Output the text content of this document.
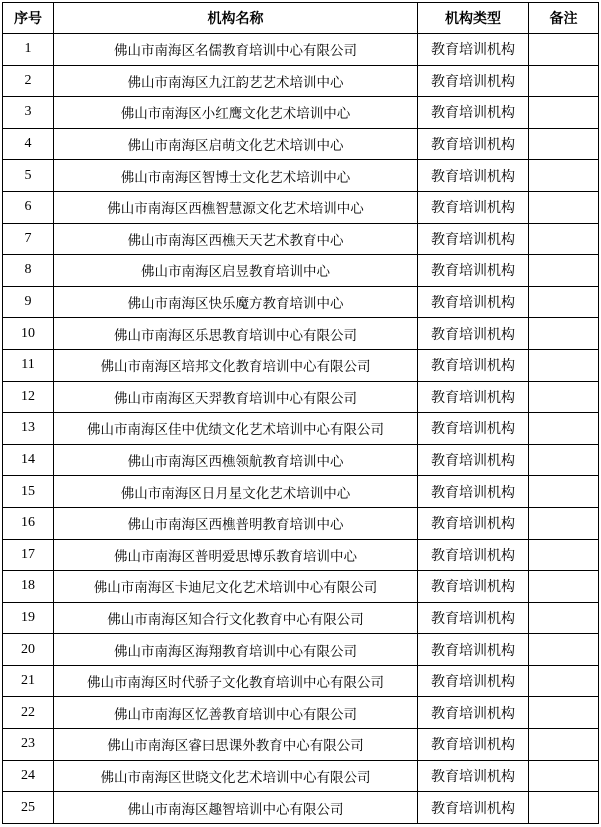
序号	机构名称	机构类型	备注
1	佛山市南海区名儒教育培训中心有限公司	教育培训机构	
2	佛山市南海区九江韵艺艺术培训中心	教育培训机构	
3	佛山市南海区小红鹰文化艺术培训中心	教育培训机构	
4	佛山市南海区启萌文化艺术培训中心	教育培训机构	
5	佛山市南海区智博士文化艺术培训中心	教育培训机构	
6	佛山市南海区西樵智慧源文化艺术培训中心	教育培训机构	
7	佛山市南海区西樵天天艺术教育中心	教育培训机构	
8	佛山市南海区启昱教育培训中心	教育培训机构	
9	佛山市南海区快乐魔方教育培训中心	教育培训机构	
10	佛山市南海区乐思教育培训中心有限公司	教育培训机构	
11	佛山市南海区培邦文化教育培训中心有限公司	教育培训机构	
12	佛山市南海区天羿教育培训中心有限公司	教育培训机构	
13	佛山市南海区佳中优绩文化艺术培训中心有限公司	教育培训机构	
14	佛山市南海区西樵领航教育培训中心	教育培训机构	
15	佛山市南海区日月星文化艺术培训中心	教育培训机构	
16	佛山市南海区西樵普明教育培训中心	教育培训机构	
17	佛山市南海区普明爱思博乐教育培训中心	教育培训机构	
18	佛山市南海区卡迪尼文化艺术培训中心有限公司	教育培训机构	
19	佛山市南海区知合行文化教育中心有限公司	教育培训机构	
20	佛山市南海区海翔教育培训中心有限公司	教育培训机构	
21	佛山市南海区时代骄子文化教育培训中心有限公司	教育培训机构	
22	佛山市南海区忆善教育培训中心有限公司	教育培训机构	
23	佛山市南海区睿曰思课外教育中心有限公司	教育培训机构	
24	佛山市南海区世晓文化艺术培训中心有限公司	教育培训机构	
25	佛山市南海区趣智培训中心有限公司	教育培训机构	
